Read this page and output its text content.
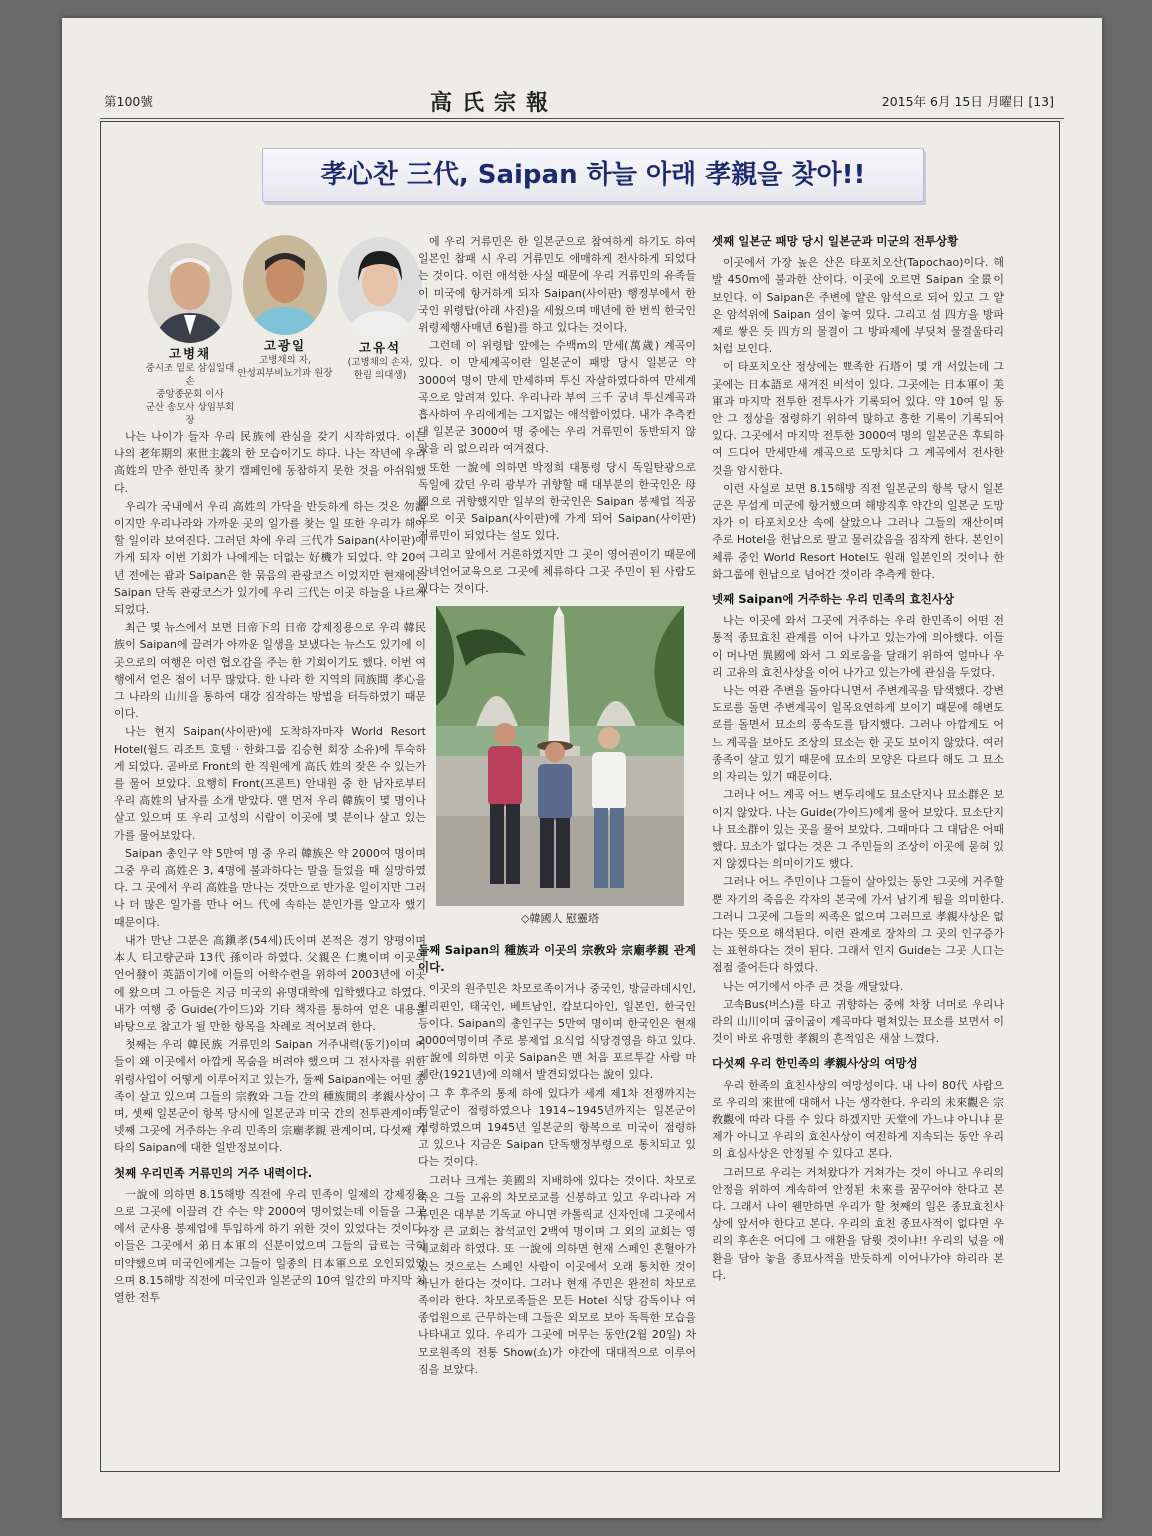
第100號	高氏宗報	2015年 6月 15日 月曜日 [13]
孝心찬 三代, Saipan 하늘 아래 孝親을 찾아!!
고병채
중시조 밑로 삼십일대손
중앙종문회 이사
군산 송모사 상임부회장
고광일
고병채의 자,
안성피부비뇨기과 원장
고유석
(고병채의 손자,
한림 의대생)

나는 나이가 들자 우리 民族에 관심을 갖기 시작하였다. 이는 나의 老年期의 來世主義의 한 모습이기도 하다. 나는 작년에 우리 高姓의 만주 한민족 찾기 캠페인에 동참하지 못한 것을 아쉬워했다.

우리가 국내에서 우리 高姓의 가닥을 반듯하게 하는 것은 勿論이지만 우리나라와 가까운 곳의 일가를 찾는 일 또한 우리가 해야 할 일이라 보여진다. 그러던 차에 우리 三代가 Saipan(사이판)에 가게 되자 이번 기회가 나에게는 더없는 好機가 되었다. 약 20여 년 전에는 괌과 Saipan은 한 묶음의 관광코스 이었지만 현재에는 Saipan 단독 관광코스가 있기에 우리 三代는 이곳 하늘을 나르게 되었다.

최근 몇 뉴스에서 보면 日帝下의 日帝 강제징용으로 우리 韓民族이 Saipan에 끌려가 아까운 일생을 보냈다는 뉴스도 있기에 이곳으로의 여행은 이런 협오감을 주는 한 기회이기도 했다. 이번 여행에서 얻은 점이 너무 많았다. 한 나라 한 지역의 同族間 孝心을 그 나라의 山川을 통하여 대강 짐작하는 방법을 터득하였기 때문이다.

나는 현지 Saipan(사이판)에 도착하자마자 World Resort Hotel(월드 리조트 호텔 · 한화그룹 김승현 회장 소유)에 투숙하게 되었다. 곧바로 Front의 한 직원에게 高氏 姓의 잦은 수 있는가를 물어 보았다. 요행히 Front(프론트) 안내원 중 한 남자로부터 우리 高姓의 남자를 소개 받았다. 맨 먼저 우리 韓族이 몇 명이나 살고 있으며 또 우리 고성의 시람이 이곳에 몇 분이나 살고 있는 가를 물어보았다.

Saipan 총인구 약 5만여 명 중 우리 韓族은 약 2000여 명이며 그중 우리 高姓은 3, 4명에 불과하다는 말을 들었을 때 실망하였다. 그 곳에서 우리 高姓을 만나는 것만으로 반가운 일이지만 그러나 더 많은 일가를 만나 어느 代에 속하는 분인가를 알고자 했기 때문이다.

내가 만난 그분은 高鎭孝(54세)氏이며 본적은 경기 양평이며 本人 티고량군파 13代 孫이라 하였다. 父親은 仁奧이며 이곳의 언어發이 英語이기에 이들의 어학수련을 위하여 2003년에 이곳에 왔으며 그 아들은 지금 미국의 유명대학에 입학했다고 하였다. 내가 여행 중 Guide(가이드)와 기타 책자를 통하여 얻은 내용을 바탕으로 참고가 될 만한 항목을 차례로 적어보려 한다.

첫째는 우리 韓民族 거류민의 Saipan 거주내력(동기)이며 이들이 왜 이곳에서 아깝게 목숨을 버려야 했으며 그 전사자를 위한 위령사업이 어떻게 이루어지고 있는가, 둘째 Saipan에는 어떤 종족이 살고 있으며 그들의 宗敎와 그들 간의 種族間의 孝親사상이며, 셋째 일본군이 항복 당시에 일본군과 미국 간의 전투관계이며, 넷째 그곳에 거주하는 우리 민족의 宗廟孝親 관계이며, 다섯째 기타의 Saipan에 대한 일반정보이다.

첫째 우리민족 거류민의 거주 내력이다.

一說에 의하면 8.15해방 직전에 우리 민족이 일제의 강제징용으로 그곳에 이끌려 간 수는 약 2000여 명이었는데 이들을 그곳에서 군사용 봉제업에 투입하게 하기 위한 것이 있었다는 것이다. 이들은 그곳에서 弟日本軍의 신분이었으며 그들의 급료는 극히 미약했으며 미국인에게는 그들이 일종의 日本軍으로 오인되었었으며 8.15해방 직전에 미국인과 일본군의 10여 일간의 마지막 치열한 전투

에 우리 거류민은 한 일본군으로 참여하게 하기도 하여 일본인 참패 시 우리 거류민도 애매하게 전사하게 되었다는 것이다. 이런 애석한 사실 때문에 우리 거류민의 유족들이 미국에 항거하게 되자 Saipan(사이판) 행정부에서 한국인 위령탑(아래 사진)을 세웠으며 매년에 한 번씩 한국인 위령제행사매년 6월)를 하고 있다는 것이다.

그런데 이 위령탑 앞에는 수백m의 만세(萬歲) 계곡이 있다. 이 만세계곡이란 일본군이 패망 당시 일본군 약 3000여 명이 만세 만세하며 투신 자살하였다하여 만세계곡으로 알려져 있다. 우리나라 부여 三千 궁녀 투신계곡과 흡사하여 우리에게는 그지없는 애석함이었다. 내가 추측컨대 일본군 3000여 명 중에는 우리 거류민이 동반되지 않았을 리 없으리라 여겨졌다.

또한 一說에 의하면 박정희 대통령 당시 독일탄광으로 독일에 갔던 우리 광부가 귀향할 때 대부분의 한국인은 母國으로 귀향했지만 일부의 한국인은 Saipan 봉제업 직공으로 이곳 Saipan(사이판)에 가게 되어 Saipan(사이판) 거류민이 되었다는 설도 있다.

그리고 앞에서 거론하였지만 그 곳이 영어권이기 때문에 자녀언어교육으로 그곳에 체류하다 그곳 주민이 된 사람도 있다는 것이다.

◇韓國人 慰靈塔
둘째 Saipan의 種族과 이곳의 宗敎와 宗廟孝親 관계이다.

이곳의 원주민은 차모로족이거나 중국인, 방글라데시인, 필리핀인, 태국인, 베트남인, 캄보디아인, 일본인, 한국인 등이다. Saipan의 총인구는 5만여 명이며 한국인은 현재 2000여명이며 주로 봉제업 요식업 식당경영을 하고 있다. 一說에 의하면 이곳 Saipan은 맨 처음 포르투갈 사람 마제란(1921년)에 의해서 발견되었다는 說이 있다.

그 후 후주의 통제 하에 있다가 세계 제1차 전쟁까지는 독일군이 점령하였으나 1914~1945년까지는 일본군이 점령하였으며 1945년 일본군의 항복으로 미국이 점령하고 있으나 지금은 Saipan 단독행정부령으로 통치되고 있다는 것이다.

그러나 크게는 美國의 지배하에 있다는 것이다. 차모로족은 그들 고유의 차모로교를 신봉하고 있고 우리나라 거류민은 대부분 기독교 아니면 카톨릭교 신자인데 그곳에서 가장 큰 교회는 참석교인 2백여 명이며 그 외의 교회는 영세교회라 하였다. 또 一說에 의하면 현재 스페인 혼혈아가 있는 것으로는 스페인 사람이 이곳에서 오래 통치한 것이 아닌가 한다는 것이다. 그러나 현재 주민은 완전히 차모로족이라 한다. 차모로족들은 모든 Hotel 식당 감독이나 여종업원으로 근무하는데 그들은 외모로 보아 독특한 모습을 나타내고 있다. 우리가 그곳에 머무는 동안(2월 20일) 차모로원족의 전통 Show(쇼)가 야간에 대대적으로 이루어짐을 보았다.

셋째 일본군 패망 당시 일본군과 미군의 전투상황

이곳에서 가장 높은 산은 타포치오산(Tapochao)이다. 해발 450m에 불과한 산이다. 이곳에 오르면 Saipan 全景이 보인다. 이 Saipan은 주변에 얕은 암석으로 되어 있고 그 얕은 암석위에 Saipan 섬이 놓여 있다. 그리고 섬 四方을 방파제로 쌓은 듯 四方의 물결이 그 방파제에 부딪쳐 물결울타리처럼 보인다.

이 타포치오산 정상에는 뾰족한 石塔이 몇 개 서있는데 그곳에는 日本語로 새겨진 비석이 있다. 그곳에는 日本軍이 美軍과 마지막 전투한 전투사가 기록되어 있다. 약 10여 일 동안 그 정상을 점령하기 위하여 많하고 흥한 기록이 기록되어 있다. 그곳에서 마지막 전투한 3000여 명의 일본군은 후퇴하여 드디어 만세만세 계곡으로 도망치다 그 계곡에서 전사한 것을 암시한다.

이런 사실로 보면 8.15해방 직전 일본군의 항복 당시 일본군은 무섭게 미군에 항거했으며 해방직후 약간의 일본군 도망자가 이 타포치오산 속에 살았으나 그러나 그들의 재산이며 주로 Hotel을 헌납으로 팔고 물러갔음을 짐작케 한다. 본인이 체류 중인 World Resort Hotel도 원래 일본인의 것이나 한화그룹에 헌납으로 넘어간 것이라 추측케 한다.

넷째 Saipan에 거주하는 우리 민족의 효친사상

나는 이곳에 와서 그곳에 거주하는 우리 한민족이 어떤 전통적 종묘효친 관계를 이어 나가고 있는가에 의아했다. 이들이 머나먼 異國에 와서 그 외로움을 달래기 위하여 얼마나 우리 고유의 효친사상을 이어 나가고 있는가에 관심을 두었다.

나는 여관 주변을 돌아다니면서 주변계곡을 탐색했다. 강변도로를 돌면 주변계곡이 일목요연하게 보이기 때문에 해변도로를 돌면서 묘소의 풍속도를 탐지했다. 그러나 아깝게도 어느 계곡을 보아도 조상의 묘소는 한 곳도 보이지 않았다. 여러 종족이 살고 있기 때문에 묘소의 모양은 다르다 해도 그 묘소의 자리는 있기 때문이다.

그러나 어느 계곡 어느 변두리에도 묘소단지나 묘소群은 보이지 않았다. 나는 Guide(가이드)에게 물어 보았다. 묘소단지나 묘소群이 있는 곳을 물어 보았다. 그때마다 그 대답은 어때했다. 묘소가 없다는 것은 그 주민들의 조상이 이곳에 묻혀 있지 않겠다는 의미이기도 했다.

그러나 어느 주민이나 그들이 살아있는 동안 그곳에 거주할 뿐 자기의 죽음은 각자의 본국에 가서 남기게 됨을 의미한다. 그러니 그곳에 그들의 씨족은 없으며 그러므로 孝親사상은 없다는 뜻으로 해석된다. 이런 관계로 장차의 그 곳의 인구증가는 표현하다는 것이 된다. 그래서 인지 Guide는 그곳 人口는 점점 줄어든다 하였다.

나는 여기에서 아주 큰 것을 깨달았다.

고속Bus(버스)를 타고 귀향하는 중에 차창 너머로 우리나라의 山川이며 굽이굽이 계곡마다 펼쳐있는 묘소를 보면서 이것이 바로 유명한 孝親의 흔적임은 새삼 느꼈다.

다섯째 우리 한민족의 孝親사상의 여망성

우리 한족의 효친사상의 여망성이다. 내 나이 80代 사람으로 우리의 來世에 대해서 나는 생각한다. 우리의 未來觀은 宗敎觀에 따라 다를 수 있다 하겠지만 天堂에 가느냐 아니냐 문제가 아니고 우리의 효친사상이 여전하게 지속되는 동안 우리의 효심사상은 안정될 수 있다고 본다.

그러므로 우리는 거쳐왔다가 거쳐가는 것이 아니고 우리의 안정을 위하여 계속하여 안정된 未來를 꿈꾸어야 한다고 본다. 그래서 나이 웬만하면 우리가 할 첫째의 일은 종묘효친사상에 앞서야 한다고 본다. 우리의 효친 종묘사적이 없다면 우리의 후손은 어디에 그 애환을 담뤗 것이냐!! 우리의 넋을 애환을 담아 놓을 종묘사적을 반듯하게 이어나가야 하리라 본다.
